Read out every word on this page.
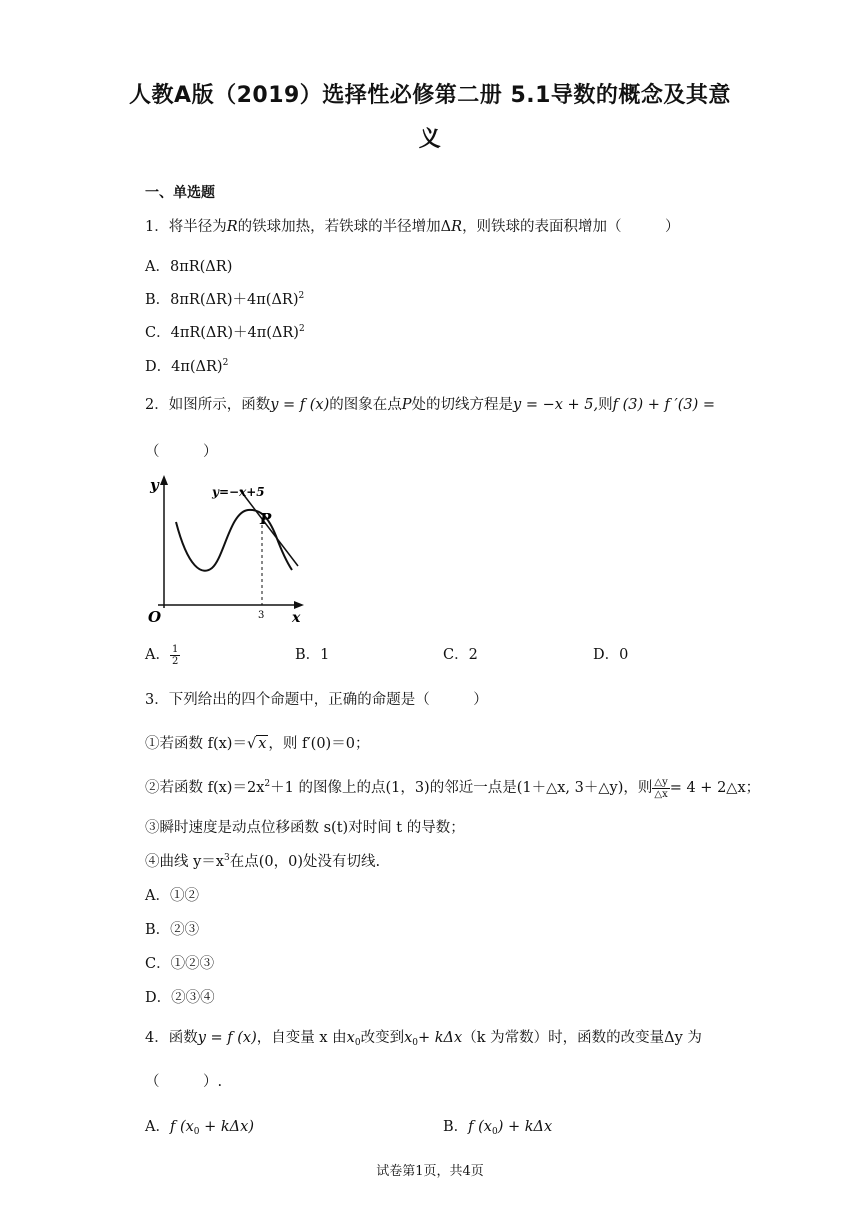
人教A版（2019）选择性必修第二册 5.1导数的概念及其意
义
一、单选题
1．将半径为R的铁球加热，若铁球的半径增加ΔR，则铁球的表面积增加（　　　）
A．8πR(ΔR)
B．$8\pi R(\Delta R)+4\pi(\Delta R)^2$
C．$4\pi R(\Delta R)+4\pi(\Delta R)^2$
D．$4\pi(\Delta R)^2$
2．如图所示，函数y = f (x)的图象在点P处的切线方程是y = −x + 5,则f (3) + f ′(3) =
（　　　）
y	y=−x+5
P
O	3 x
A． $\frac{1}{2}$	B．1	C．2	D．0
3．下列给出的四个命题中，正确的命题是（　　　）
①若函数 f(x)＝√ x ，则 f′(0)＝0；
②若函数 $f(x)=2x^2+1$ 的图像上的点(1，3)的邻近一点是(1＋△x, 3＋△y)，则 $\frac{\triangle y}{\triangle x} = 4$ + 2△x；
③瞬时速度是动点位移函数 s(t)对时间 t 的导数；
④曲线 $y=x^3$在点(0，0)处没有切线.
A．①②
B．②③
C．①②③
D．②③④
4．函数y = f (x)，自变量 x 由$x_0$改变到$x_0+ k\Delta x(k$ 为常数）时，函数的改变量Δy 为
（　　　）.
A．f $(x_0 + k\Delta x)$	B．f $(x_0) + k\Delta x$
试卷第1页，共4页
